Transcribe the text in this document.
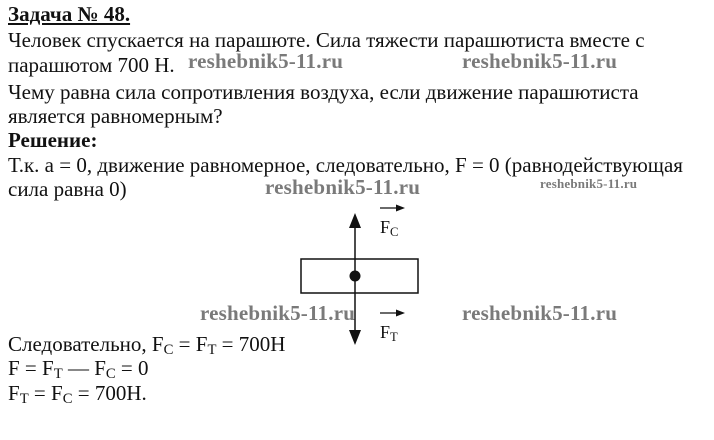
Задача № 48.
Человек спускается на парашюте. Сила тяжести парашютиста вместе с
парашютом 700 Н.
Чему равна сила сопротивления воздуха, если движение парашютиста
является равномерным?
Решение:
Т.к. a = 0, движение равномерное, следовательно, F = 0 (равнодействующая
сила равна 0)
reshebnik5-11.ru	reshebnik5-11.ru
reshebnik5-11.ru	reshebnik5-11.ru
reshebnik5-11.ru	reshebnik5-11.ru
$F_C$
$F_T$
Следовательно, $F_C = F_T = 700H$
$F = F_T$ — $F_C = 0$
$F_T = F_C = 700H$.
